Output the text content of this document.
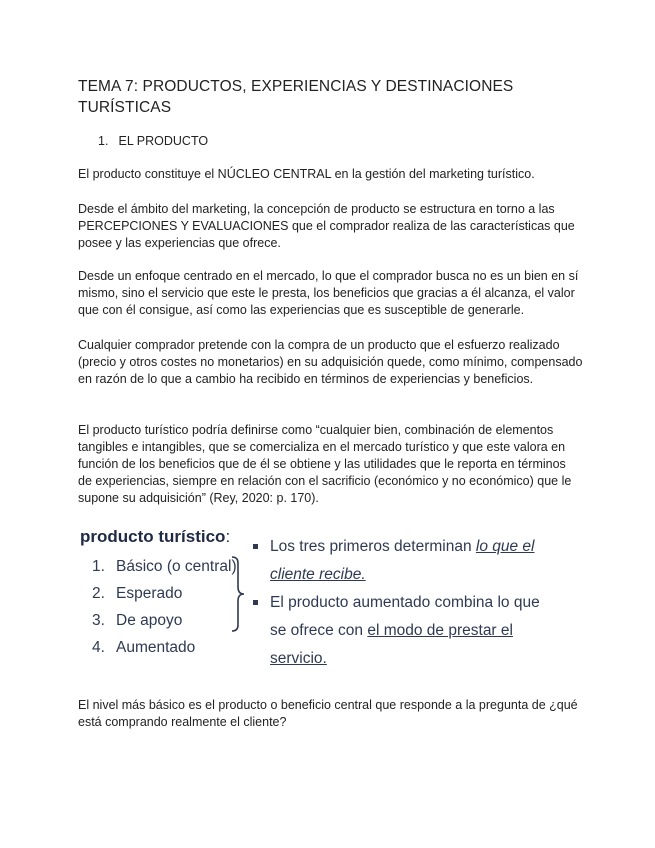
TEMA 7: PRODUCTOS, EXPERIENCIAS Y DESTINACIONES TURÍSTICAS
1. EL PRODUCTO

El producto constituye el NÚCLEO CENTRAL en la gestión del marketing turístico.

Desde el ámbito del marketing, la concepción de producto se estructura en torno a las PERCEPCIONES Y EVALUACIONES que el comprador realiza de las características que posee y las experiencias que ofrece.

Desde un enfoque centrado en el mercado, lo que el comprador busca no es un bien en sí mismo, sino el servicio que este le presta, los beneficios que gracias a él alcanza, el valor que con él consigue, así como las experiencias que es susceptible de generarle.

Cualquier comprador pretende con la compra de un producto que el esfuerzo realizado (precio y otros costes no monetarios) en su adquisición quede, como mínimo, compensado en razón de lo que a cambio ha recibido en términos de experiencias y beneficios.

El producto turístico podría definirse como “cualquier bien, combinación de elementos tangibles e intangibles, que se comercializa en el mercado turístico y que este valora en función de los beneficios que de él se obtiene y las utilidades que le reporta en términos de experiencias, siempre en relación con el sacrificio (económico y no económico) que le supone su adquisición” (Rey, 2020: p. 170).

producto turístico:
1. Básico (o central)
2. Esperado
3. De apoyo
4. Aumentado
Los tres primeros determinan lo que el cliente recibe.
El producto aumentado combina lo que se ofrece con el modo de prestar el servicio.

El nivel más básico es el producto o beneficio central que responde a la pregunta de ¿qué está comprando realmente el cliente?
